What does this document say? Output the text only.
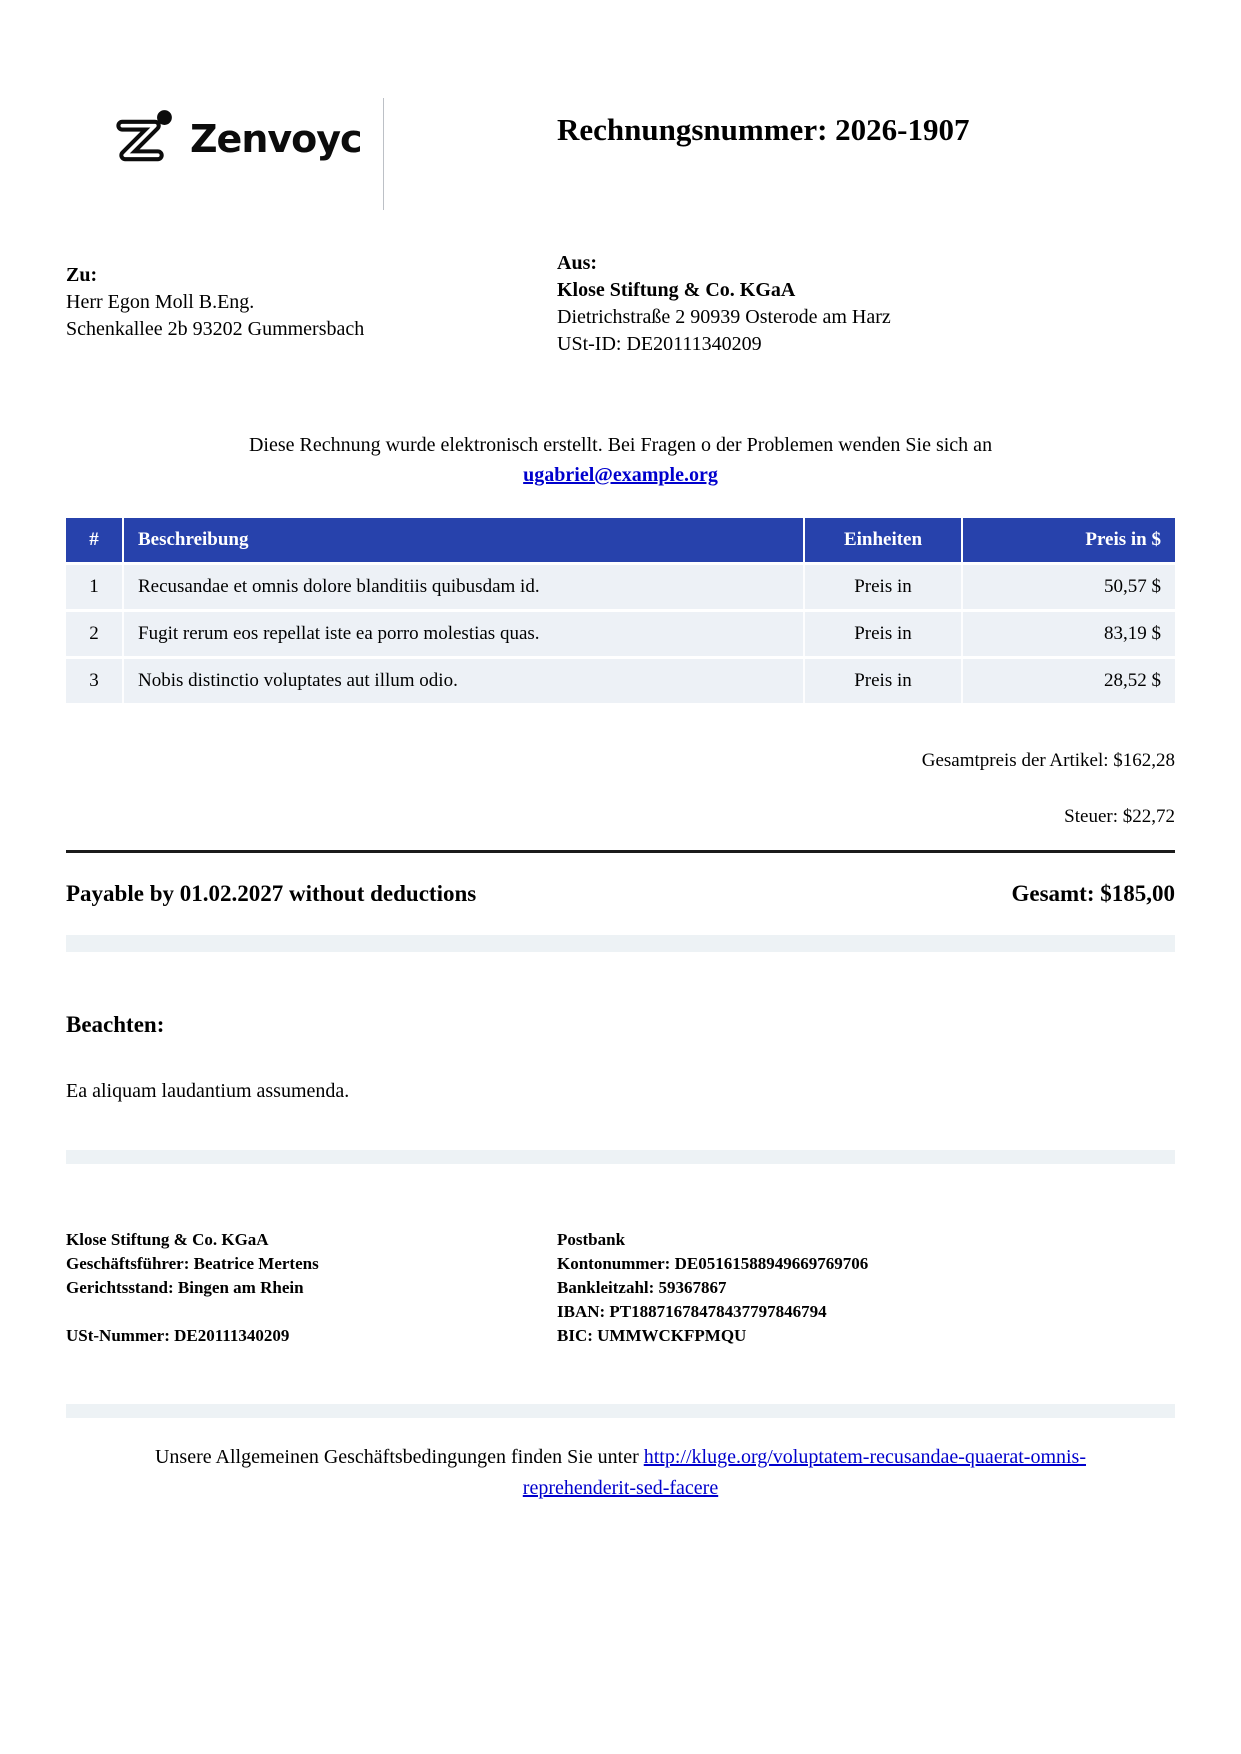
Zenvoyc	Rechnungsnummer: 2026-1907
Zu:
Herr Egon Moll B.Eng.
Schenkallee 2b 93202 Gummersbach
Aus:
Klose Stiftung & Co. KGaA
Dietrichstraße 2 90939 Osterode am Harz
USt-ID: DE20111340209
Diese Rechnung wurde elektronisch erstellt. Bei Fragen o der Problemen wenden Sie sich an
ugabriel@example.org
#	Beschreibung	Einheiten	Preis in $
1	Recusandae et omnis dolore blanditiis quibusdam id.	Preis in	50,57 $
2	Fugit rerum eos repellat iste ea porro molestias quas.	Preis in	83,19 $
3	Nobis distinctio voluptates aut illum odio.	Preis in	28,52 $
Gesamtpreis der Artikel: $162,28
Steuer: $22,72
Payable by 01.02.2027 without deductions	Gesamt: $185,00
Beachten:
Ea aliquam laudantium assumenda.
Klose Stiftung & Co. KGaA
Geschäftsführer: Beatrice Mertens
Gerichtsstand: Bingen am Rhein
USt-Nummer: DE20111340209
Postbank
Kontonummer: DE05161588949669769706
Bankleitzahl: 59367867
IBAN: PT18871678478437797846794
BIC: UMMWCKFPMQU
Unsere Allgemeinen Geschäftsbedingungen finden Sie unter http://kluge.org/voluptatem-recusandae-quaerat-omnis-reprehenderit-sed-facere
